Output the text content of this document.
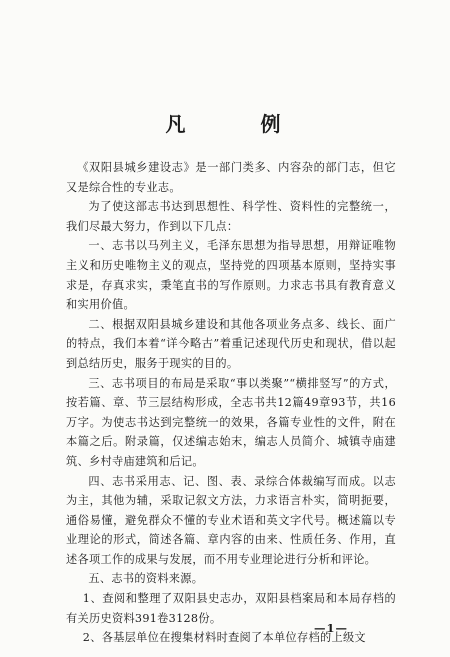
凡 例

《双阳县城乡建设志》是一部门类多、内容杂的部门志，但它又是综合性的专业志。

为了使这部志书达到思想性、科学性、资料性的完整统一，我们尽最大努力，作到以下几点：

一、志书以马列主义，毛泽东思想为指导思想，用辩证唯物主义和历史唯物主义的观点，坚持党的四项基本原则，坚持实事求是，存真求实，秉笔直书的写作原则。力求志书具有教育意义和实用价值。

二、根据双阳县城乡建设和其他各项业务点多、线长、面广的特点，我们本着“详今略古”着重记述现代历史和现状，借以起到总结历史，服务于现实的目的。

三、志书项目的布局是采取“事以类聚”“横排竖写”的方式，按若篇、章、节三层结构形成，全志书共12篇49章93节，共16万字。为使志书达到完整统一的效果，各篇专业性的文件，附在本篇之后。附录篇，仅述编志始末，编志人员简介、城镇寺庙建筑、乡村寺庙建筑和后记。

四、志书采用志、记、图、表、录综合体裁编写而成。以志为主，其他为辅，采取记叙文方法，力求语言朴实，简明扼要，通俗易懂，避免群众不懂的专业术语和英文字代号。概述篇以专业理论的形式，简述各篇、章内容的由来、性质任务、作用，直述各项工作的成果与发展，而不用专业理论进行分析和评论。

五、志书的资料来源。

1、查阅和整理了双阳县史志办，双阳县档案局和本局存档的有关历史资料391卷3128份。

2、各基层单位在搜集材料时查阅了本单位存档的上级文

—1—
